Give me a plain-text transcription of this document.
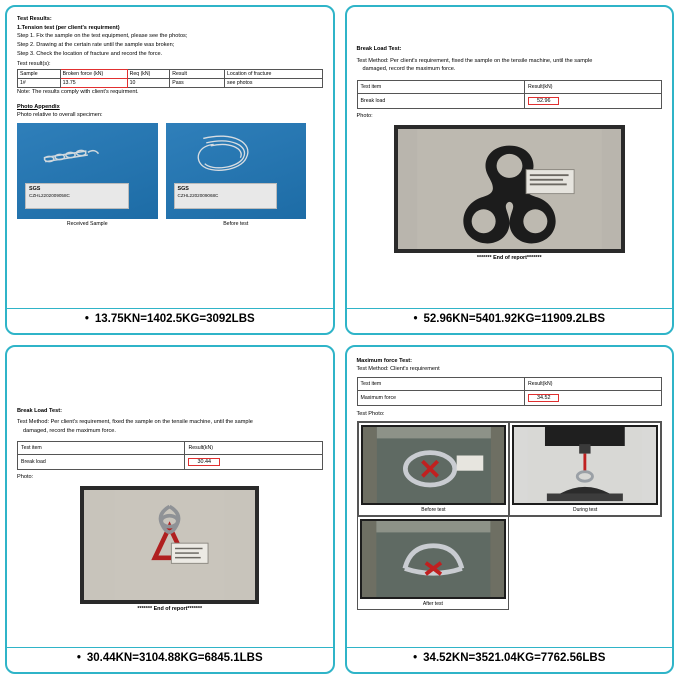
Test Results:
1.Tension test (per client's requirment)
Step 1. Fix the sample on the test equipment, please see the photos;
Step 2. Drawing at the certain rate until the sample was broken;
Step 3. Check the location of fracture and record the force.
Test result(s):
Sample	Broken force (kN)	Req (kN)	Result	Location of fracture
1#	13.75	10	Pass	see photos
Note: The results comply with client's requirment.
Photo Appendix
Photo relative to overall specimen:
SGS
CZHL2202009058C
Received Sample
SGS
CZHL2202009068C
Before test
• 13.75KN=1402.5KG=3092LBS
Break Load Test:
Test Method: Per client's requirement, fixed the sample on the tensile machine, until the sample
damaged, record the maximum force.
Test item	Result(kN)
Break load	52.96
Photo:
******* End of report*******
• 52.96KN=5401.92KG=11909.2LBS
Break Load Test:
Test Method: Per client's requirement, fixed the sample on the tensile machine, until the sample
damaged, record the maximum force.
Test item	Result(kN)
Break load	30.44
Photo:
******* End of report*******
• 30.44KN=3104.88KG=6845.1LBS
Maximum force Test:
Test Method: Client's requirement
Test item	Result(kN)
Maximum force	34.52
Test Photo:
Before test	During test
After test
• 34.52KN=3521.04KG=7762.56LBS
